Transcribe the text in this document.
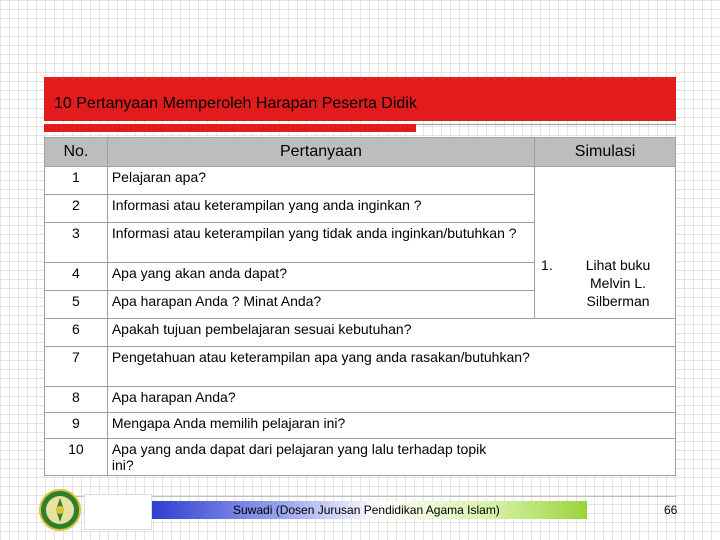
10 Pertanyaan Memperoleh Harapan Peserta Didik
No.	Pertanyaan	Simulasi
1	Pelajaran apa?	1. Lihat buku Melvin L. Silberman

2	Informasi atau keterampilan yang anda inginkan ?	
3	Informasi atau keterampilan yang tidak anda inginkan/butuhkan ?	
4	Apa yang akan anda dapat?	
5	Apa harapan Anda ? Minat Anda?	
6	Apakah tujuan pembelajaran sesuai kebutuhan?	
7	Pengetahuan atau keterampilan apa yang anda rasakan/butuhkan?	
8	Apa harapan Anda?	
9	Mengapa Anda memilih pelajaran ini?	
10	Apa yang anda dapat dari pelajaran yang lalu terhadap topik ini?	
Suwadi (Dosen Jurusan Pendidikan Agama Islam)	66
